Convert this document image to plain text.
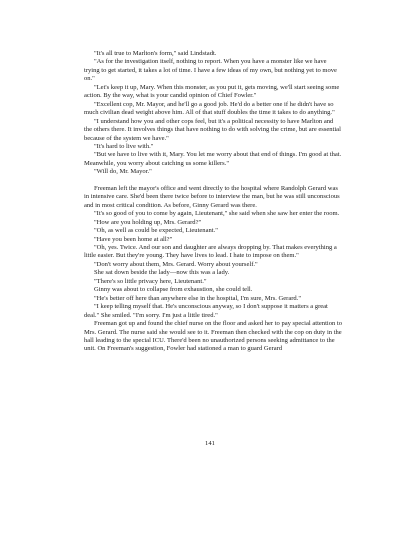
"It's all true to Marlton's form," said Lindstadt.

"As for the investigation itself, nothing to report. When you have a monster like we have trying to get started, it takes a lot of time. I have a few ideas of my own, but nothing yet to move on."

"Let's keep it up, Mary. When this monster, as you put it, gets moving, we'll start seeing some action. By the way, what is your candid opinion of Chief Fowler."

"Excellent cop, Mr. Mayor, and he'll go a good job. He'd do a better one if he didn't have so much civilian dead weight above him. All of that stuff doubles the time it takes to do anything."

"I understand how you and other cops feel, but it's a political necessity to have Marlton and the others there. It involves things that have nothing to do with solving the crime, but are essential because of the system we have."

"It's hard to live with."

"But we have to live with it, Mary. You let me worry about that end of things. I'm good at that. Meanwhile, you worry about catching us some killers."

"Will do, Mr. Mayor."

Freeman left the mayor's office and went directly to the hospital where Randolph Gerard was in intensive care. She'd been there twice before to interview the man, but he was still unconscious and in most critical condition. As before, Ginny Gerard was there.

"It's so good of you to come by again, Lieutenant," she said when she saw her enter the room.

"How are you holding up, Mrs. Gerard?"

"Oh, as well as could be expected, Lieutenant."

"Have you been home at all?"

"Oh, yes. Twice. And our son and daughter are always dropping by. That makes everything a little easier. But they're young. They have lives to lead. I hate to impose on them."

"Don't worry about them, Mrs. Gerard. Worry about yourself."

She sat down beside the lady—now this was a lady.

"There's so little privacy here, Lieutenant."

Ginny was about to collapse from exhaustion, she could tell.

"He's better off here than anywhere else in the hospital, I'm sure, Mrs. Gerard."

"I keep telling myself that. He's unconscious anyway, so I don't suppose it matters a great deal." She smiled. "I'm sorry. I'm just a little tired."

Freeman got up and found the chief nurse on the floor and asked her to pay special attention to Mrs. Gerard. The nurse said she would see to it. Freeman then checked with the cop on duty in the hall leading to the special ICU. There'd been no unauthorized persons seeking admittance to the unit. On Freeman's suggestion, Fowler had stationed a man to guard Gerard

141
